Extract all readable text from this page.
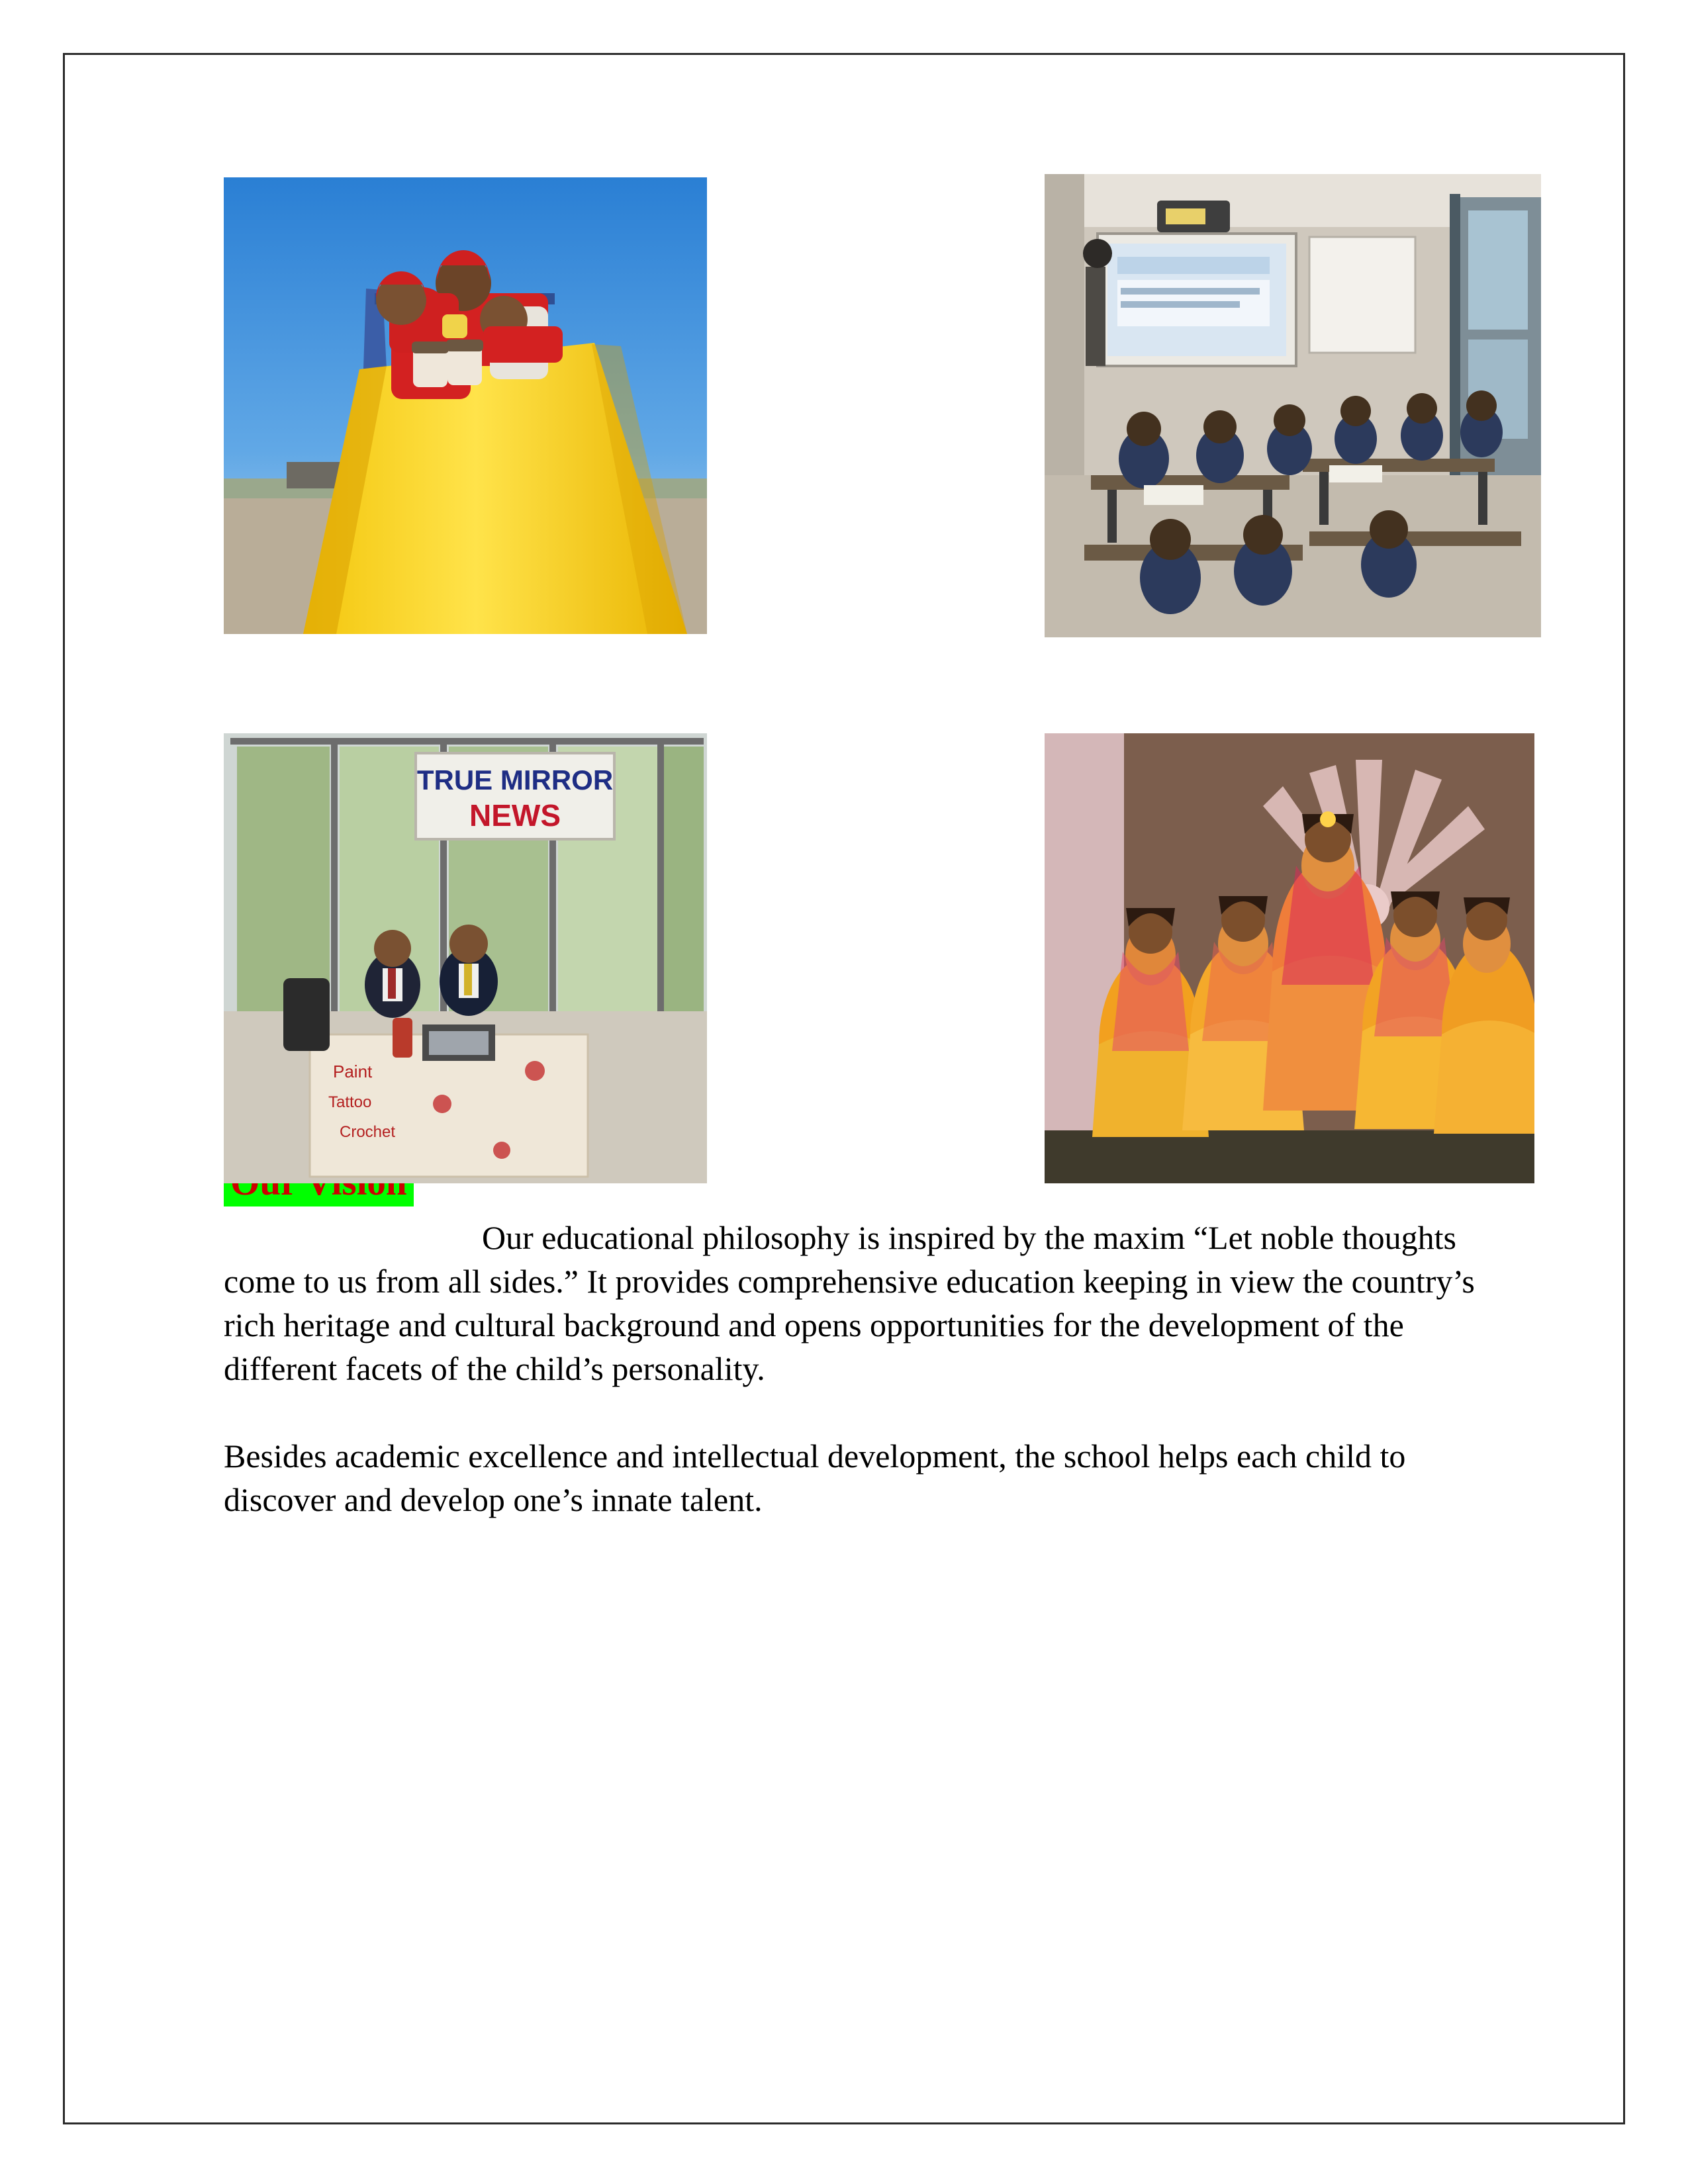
TRUE MIRROR
NEWS
Paint
Tattoo
Crochet

Our educational philosophy is inspired by the maxim “Let noble thoughts come to us from all sides.” It provides comprehensive education keeping in view the country’s rich heritage and cultural background and opens opportunities for the development of the different facets of the child’s personality.

Besides academic excellence and intellectual development, the school helps each child to discover and develop one’s innate talent.
